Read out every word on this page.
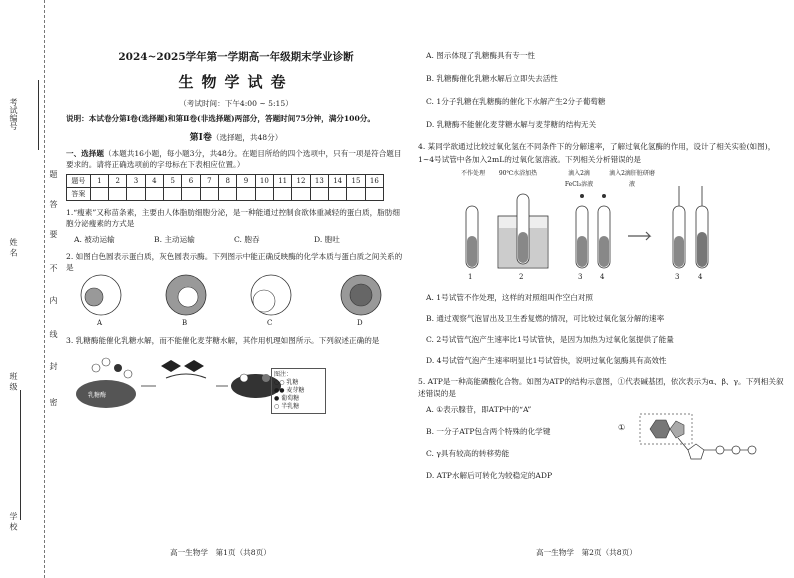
考试编号
姓 名
班 级
学 校
题
答
要
不
内
线
封
密
2024~2025学年第一学期高一年级期末学业诊断
生物学试卷
（考试时间：下午4:00 ~ 5:15）
说明：本试卷分第Ⅰ卷(选择题)和第Ⅱ卷(非选择题)两部分，答题时间75分钟，满分100分。
第Ⅰ卷（选择题，共48分）
一、选择题（本题共16小题，每小题3分，共48分。在题目所给的四个选项中，只有一项是符合题目要求的。请将正确选项前的字母标在下表相应位置。）
题号	1	2	3	4	5	6	7	8	9	10	11	12	13	14	15	16
答案																
1.“瘦素”又称苗条素，主要由人体脂肪细胞分泌，是一种能通过控制食欲体重减轻的蛋白质，脂肪细胞分泌瘦素的方式是
A. 被动运输	B. 主动运输	C. 胞吞	D. 胞吐
2. 如图白色圆表示蛋白质，灰色圆表示酶。下列图示中能正确反映酶的化学本质与蛋白质之间关系的是
A	B	C	D
3. 乳糖酶能催化乳糖水解，而不能催化麦芽糖水解，其作用机理如图所示。下列叙述正确的是
乳糖酶
图注：
○○ 乳糖
●● 麦芽糖
● 葡萄糖
○ 半乳糖
高一生物学　第1页（共8页）
A. 图示体现了乳糖酶具有专一性
B. 乳糖酶催化乳糖水解后立即失去活性
C. 1分子乳糖在乳糖酶的催化下水解产生2分子葡萄糖
D. 乳糖酶不能催化麦芽糖水解与麦芽糖的结构无关
4. 某同学欲通过比较过氧化氢在不同条件下的分解速率，了解过氧化氢酶的作用，设计了相关实验(如图)，1~4号试管中各加入2mL的过氧化氢溶液。下列相关分析错误的是
不作处理	90℃水浴加热	滴入2滴FeCl₃溶液
滴入2滴肝脏研磨液
1	2	3	4	3	4
A. 1号试管不作处理，这样的对照组叫作空白对照
B. 通过观察气泡冒出及卫生香复燃的情况，可比较过氧化氢分解的速率
C. 2号试管气泡产生速率比1号试管快，是因为加热为过氧化氢提供了能量
D. 4号试管气泡产生速率明显比1号试管快，说明过氧化氢酶具有高效性
5. ATP是一种高能磷酸化合物。如图为ATP的结构示意图，①代表碱基团，依次表示为α、β、γ。下列相关叙述错误的是
A. ①表示腺苷，即ATP中的“A”
B. 一分子ATP包含两个特殊的化学键
C. γ具有较高的转移势能
D. ATP水解后可转化为较稳定的ADP
①
高一生物学　第2页（共8页）
